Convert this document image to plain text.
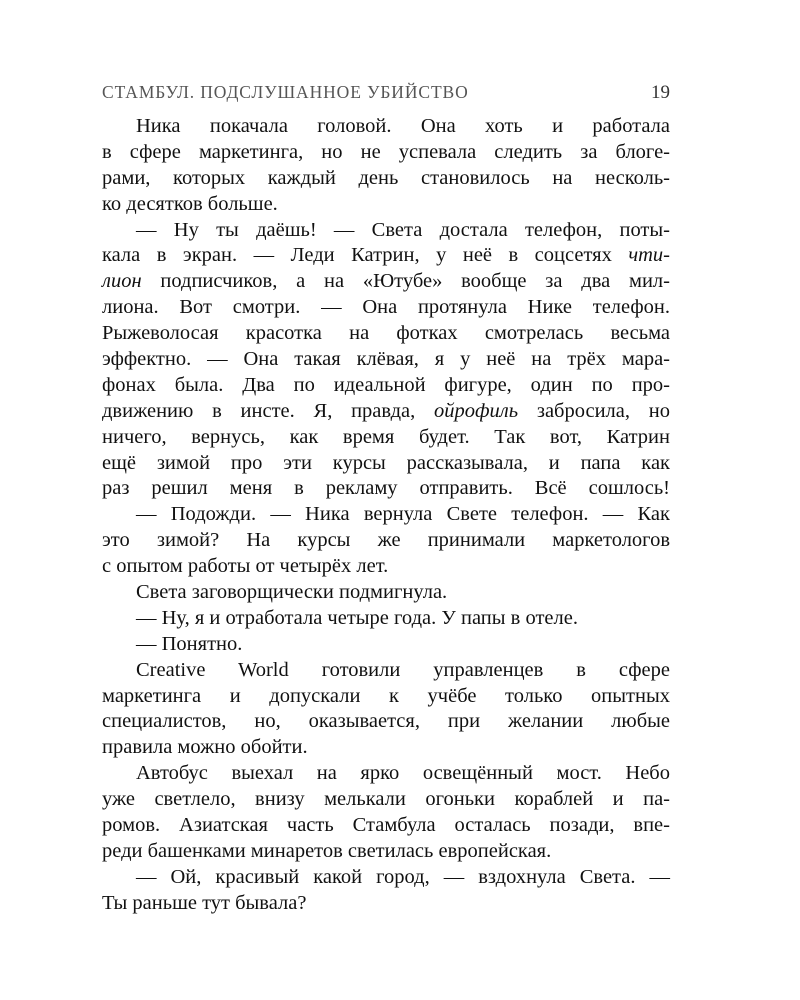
СТАМБУЛ. ПОДСЛУШАННОЕ УБИЙСТВО	19
Ника покачала головой. Она хоть и работала
в сфере маркетинга, но не успевала следить за блоге-
рами, которых каждый день становилось на несколь-
ко десятков больше.
— Ну ты даёшь! — Света достала телефон, поты-
кала в экран. — Леди Катрин, у неё в соцсетях чти-
лион подписчиков, а на «Ютубе» вообще за два мил-
лиона. Вот смотри. — Она протянула Нике телефон.
Рыжеволосая красотка на фотках смотрелась весьма
эффектно. — Она такая клёвая, я у неё на трёх мара-
фонах была. Два по идеальной фигуре, один по про-
движению в инсте. Я, правда, ойрофиль забросила, но
ничего, вернусь, как время будет. Так вот, Катрин
ещё зимой про эти курсы рассказывала, и папа как
раз решил меня в рекламу отправить. Всё сошлось!
— Подожди. — Ника вернула Свете телефон. — Как
это зимой? На курсы же принимали маркетологов
с опытом работы от четырёх лет.
Света заговорщически подмигнула.
— Ну, я и отработала четыре года. У папы в отеле.
— Понятно.
Creative World готовили управленцев в сфере
маркетинга и допускали к учёбе только опытных
специалистов, но, оказывается, при желании любые
правила можно обойти.
Автобус выехал на ярко освещённый мост. Небо
уже светлело, внизу мелькали огоньки кораблей и па-
ромов. Азиатская часть Стамбула осталась позади, впе-
реди башенками минаретов светилась европейская.
— Ой, красивый какой город, — вздохнула Света. —
Ты раньше тут бывала?
